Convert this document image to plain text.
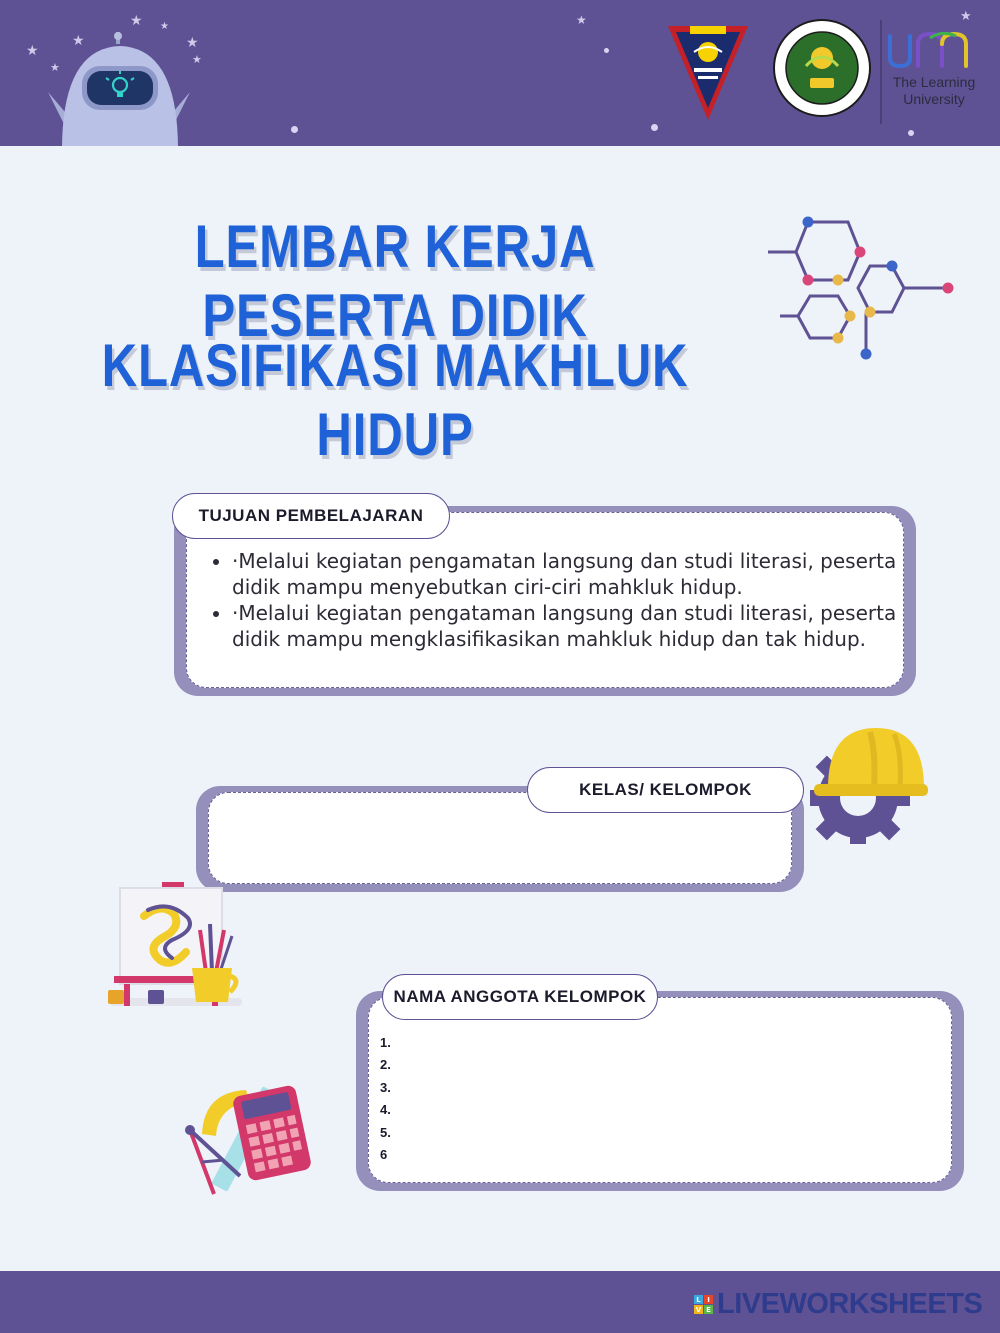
★ ★
★
★
★
★
★
★	★
The Learning
University
LEMBAR KERJA PESERTA DIDIK
KLASIFIKASI MAKHLUK HIDUP
TUJUAN PEMBELAJARAN
• ·Melalui kegiatan pengamatan langsung dan studi literasi, peserta didik mampu menyebutkan ciri-ciri mahkluk hidup.
• ·Melalui kegiatan pengataman langsung dan studi literasi, peserta didik mampu mengklasifikasikan mahkluk hidup dan tak hidup.
KELAS/ KELOMPOK
NAMA ANGGOTA KELOMPOK
1.
2.
3.
4.
5.
6
L I
V E LIVEWORKSHEETS
